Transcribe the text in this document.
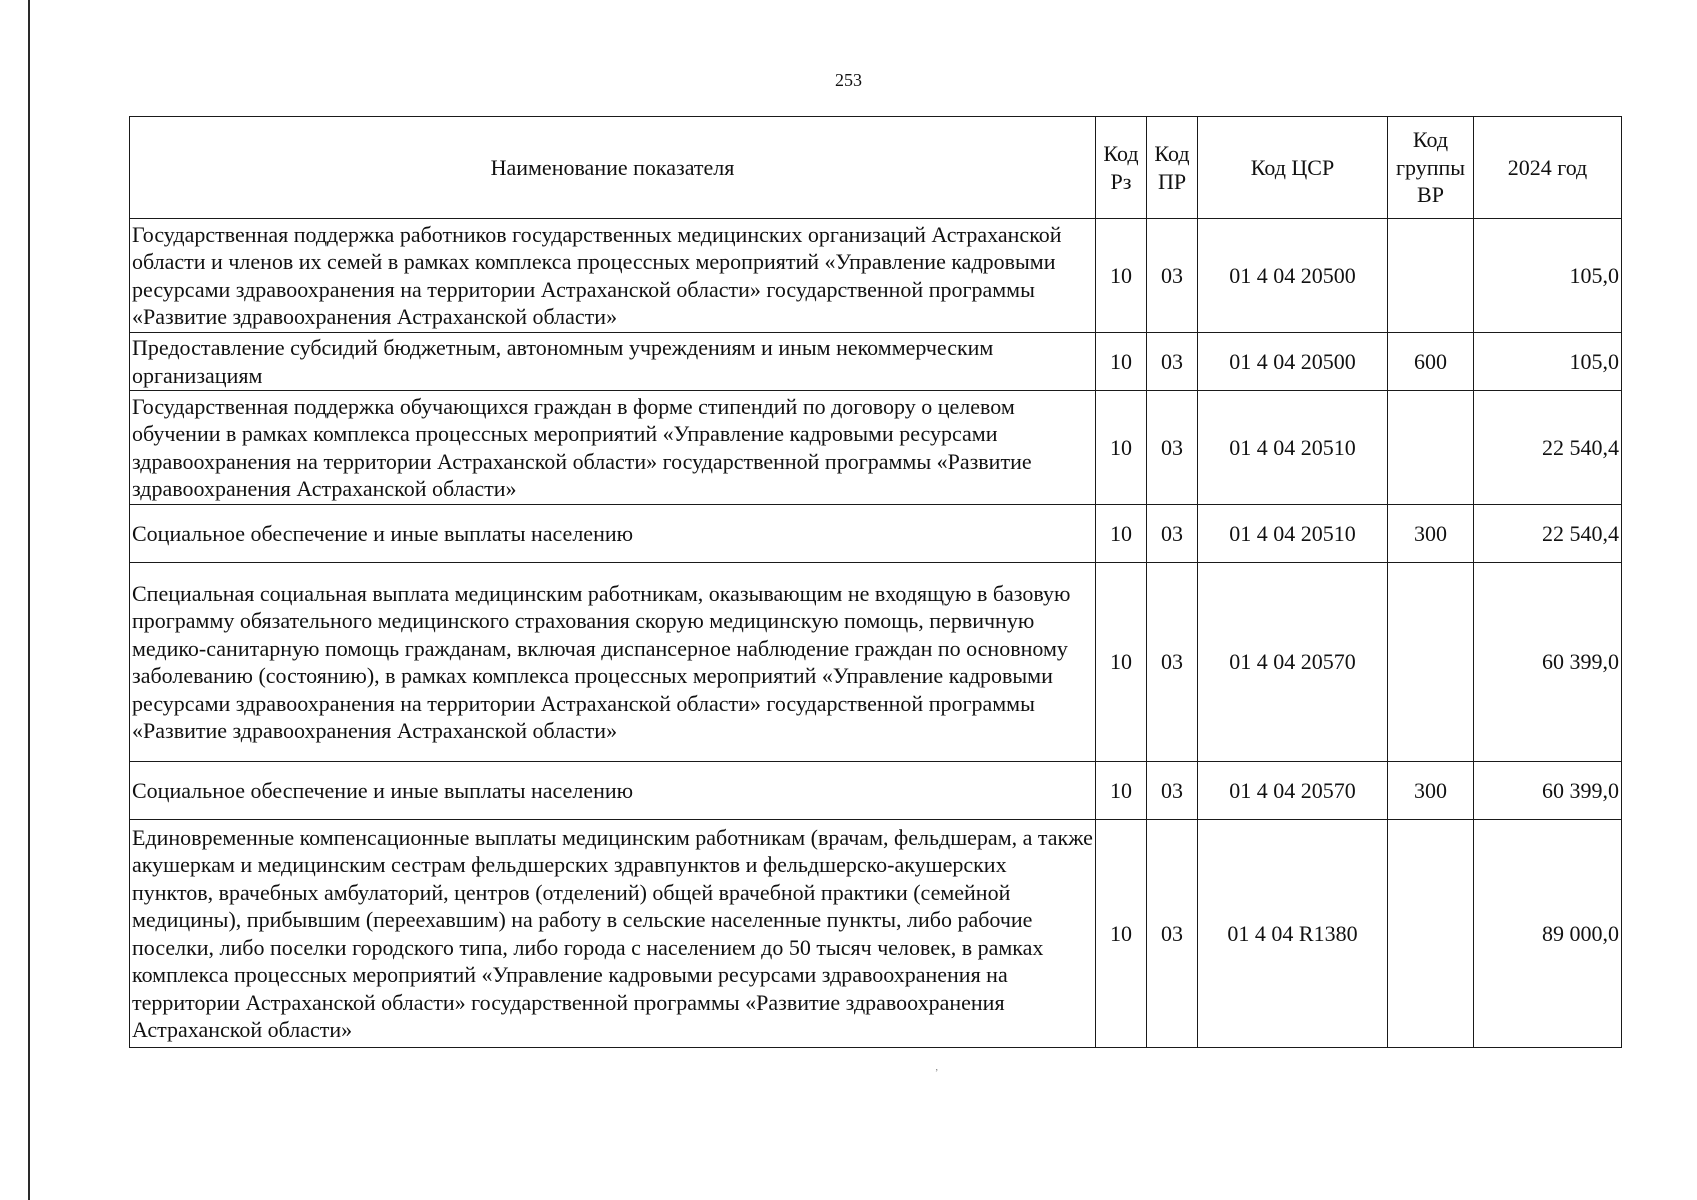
253
Наименование показателя	Код Рз	Код ПР	Код ЦСР	Код группы ВР	2024 год
Государственная поддержка работников государственных медицинских организаций Астраханской области и членов их семей в рамках комплекса процессных мероприятий «Управление кадровыми ресурсами здравоохранения на территории Астраханской области» государственной программы «Развитие здравоохранения Астраханской области»	10	03	01 4 04 20500		105,0
Предоставление субсидий бюджетным, автономным учреждениям и иным некоммерческим организациям	10	03	01 4 04 20500	600	105,0
Государственная поддержка обучающихся граждан в форме стипендий по договору о целевом обучении в рамках комплекса процессных мероприятий «Управление кадровыми ресурсами здравоохранения на территории Астраханской области» государственной программы «Развитие здравоохранения Астраханской области»	10	03	01 4 04 20510		22 540,4
Социальное обеспечение и иные выплаты населению	10	03	01 4 04 20510	300	22 540,4
Специальная социальная выплата медицинским работникам, оказывающим не входящую в базовую программу обязательного медицинского страхования скорую медицинскую помощь, первичную медико-санитарную помощь гражданам, включая диспансерное наблюдение граждан по основному заболеванию (состоянию), в рамках комплекса процессных мероприятий «Управление кадровыми ресурсами здравоохранения на территории Астраханской области» государственной программы «Развитие здравоохранения Астраханской области»	10	03	01 4 04 20570		60 399,0
Социальное обеспечение и иные выплаты населению	10	03	01 4 04 20570	300	60 399,0
Единовременные компенсационные выплаты медицинским работникам (врачам, фельдшерам, а также акушеркам и медицинским сестрам фельдшерских здравпунктов и фельдшерско-акушерских пунктов, врачебных амбулаторий, центров (отделений) общей врачебной практики (семейной медицины), прибывшим (переехавшим) на работу в сельские населенные пункты, либо рабочие поселки, либо поселки городского типа, либо города с населением до 50 тысяч человек, в рамках комплекса процессных мероприятий «Управление кадровыми ресурсами здравоохранения на территории Астраханской области» государственной программы «Развитие здравоохранения Астраханской области»	10	03	01 4 04 R1380		89 000,0
’
